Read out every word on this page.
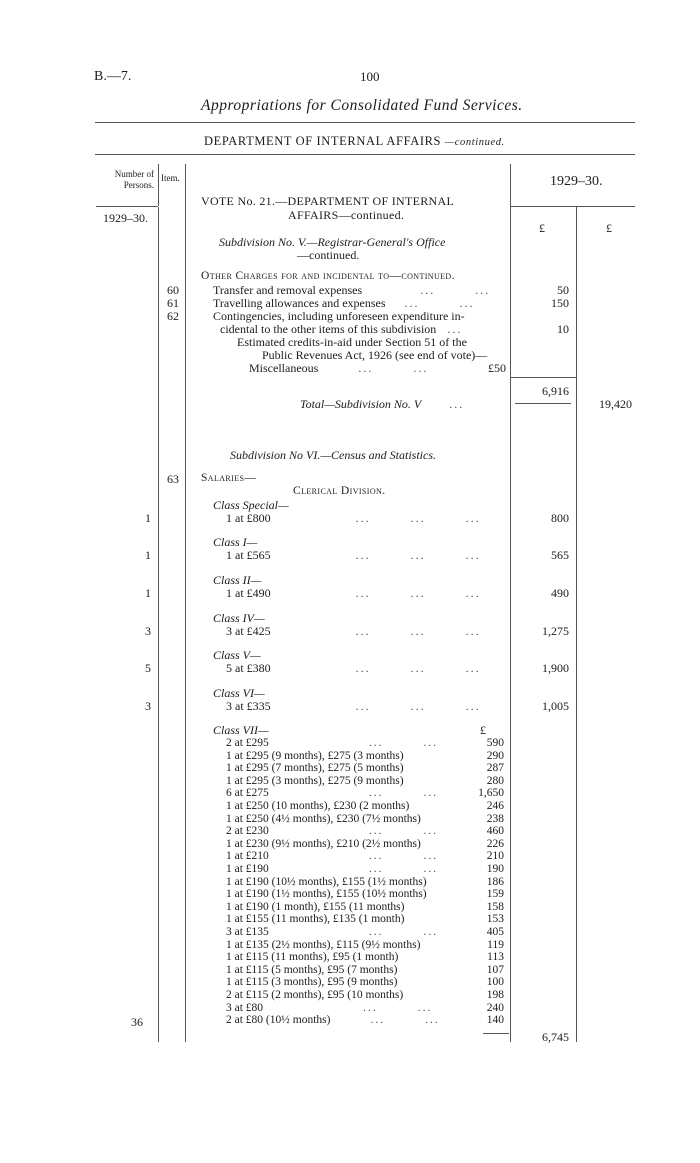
B.—7.	100
Appropriations for Consolidated Fund Services.
DEPARTMENT OF INTERNAL AFFAIRS —continued.
Number of Persons.
Item.
1929–30.
1929–30.
£	£
VOTE No. 21.—DEPARTMENT OF INTERNAL
AFFAIRS—continued.
Subdivision No. V.—Registrar-General's Office
—continued.
Other Charges for and incidental to—continued.
60	Transfer and removal expenses	...	...	50
61	Travelling allowances and expenses ...	...	150
62	Contingencies, including unforeseen expenditure in-
cidental to the other items of this subdivision ...	10
Estimated credits-in-aid under Section 51 of the
Public Revenues Act, 1926 (see end of vote)—
Miscellaneous	...	...	£50
6,916
Total—Subdivision No. V ...	19,420
Subdivision No VI.—Census and Statistics.
63 Salaries—
Clerical Division.
Class Special—
1	1 at £800	...	...	...	800
Class I—
1	1 at £565	...	...	...	565
Class II—
1	1 at £490	...	...	...	490
Class IV—
3	3 at £425	...	...	...	1,275
Class V—
5	5 at £380	...	...	...	1,900
Class VI—
3	3 at £335	...	...	...	1,005
Class VII—	£
2 at £295	...	...	590
1 at £295 (9 months), £275 (3 months)	290
1 at £295 (7 months), £275 (5 months)	287
1 at £295 (3 months), £275 (9 months)	280
6 at £275	...	...	1,650
1 at £250 (10 months), £230 (2 months)	246
1 at £250 (4½ months), £230 (7½ months)	238
2 at £230	...	...	460
1 at £230 (9½ months), £210 (2½ months)	226
1 at £210	...	...	210
1 at £190	...	...	190
1 at £190 (10½ months), £155 (1½ months)	186
1 at £190 (1½ months), £155 (10½ months)	159
1 at £190 (1 month), £155 (11 months)	158
1 at £155 (11 months), £135 (1 month)	153
3 at £135	...	...	405
1 at £135 (2½ months), £115 (9½ months)	119
1 at £115 (11 months), £95 (1 month)	113
1 at £115 (5 months), £95 (7 months)	107
1 at £115 (3 months), £95 (9 months)	100
2 at £115 (2 months), £95 (10 months)	198
3 at £80	...	...	240
2 at £80 (10½ months)	...	...	140
36
6,745
